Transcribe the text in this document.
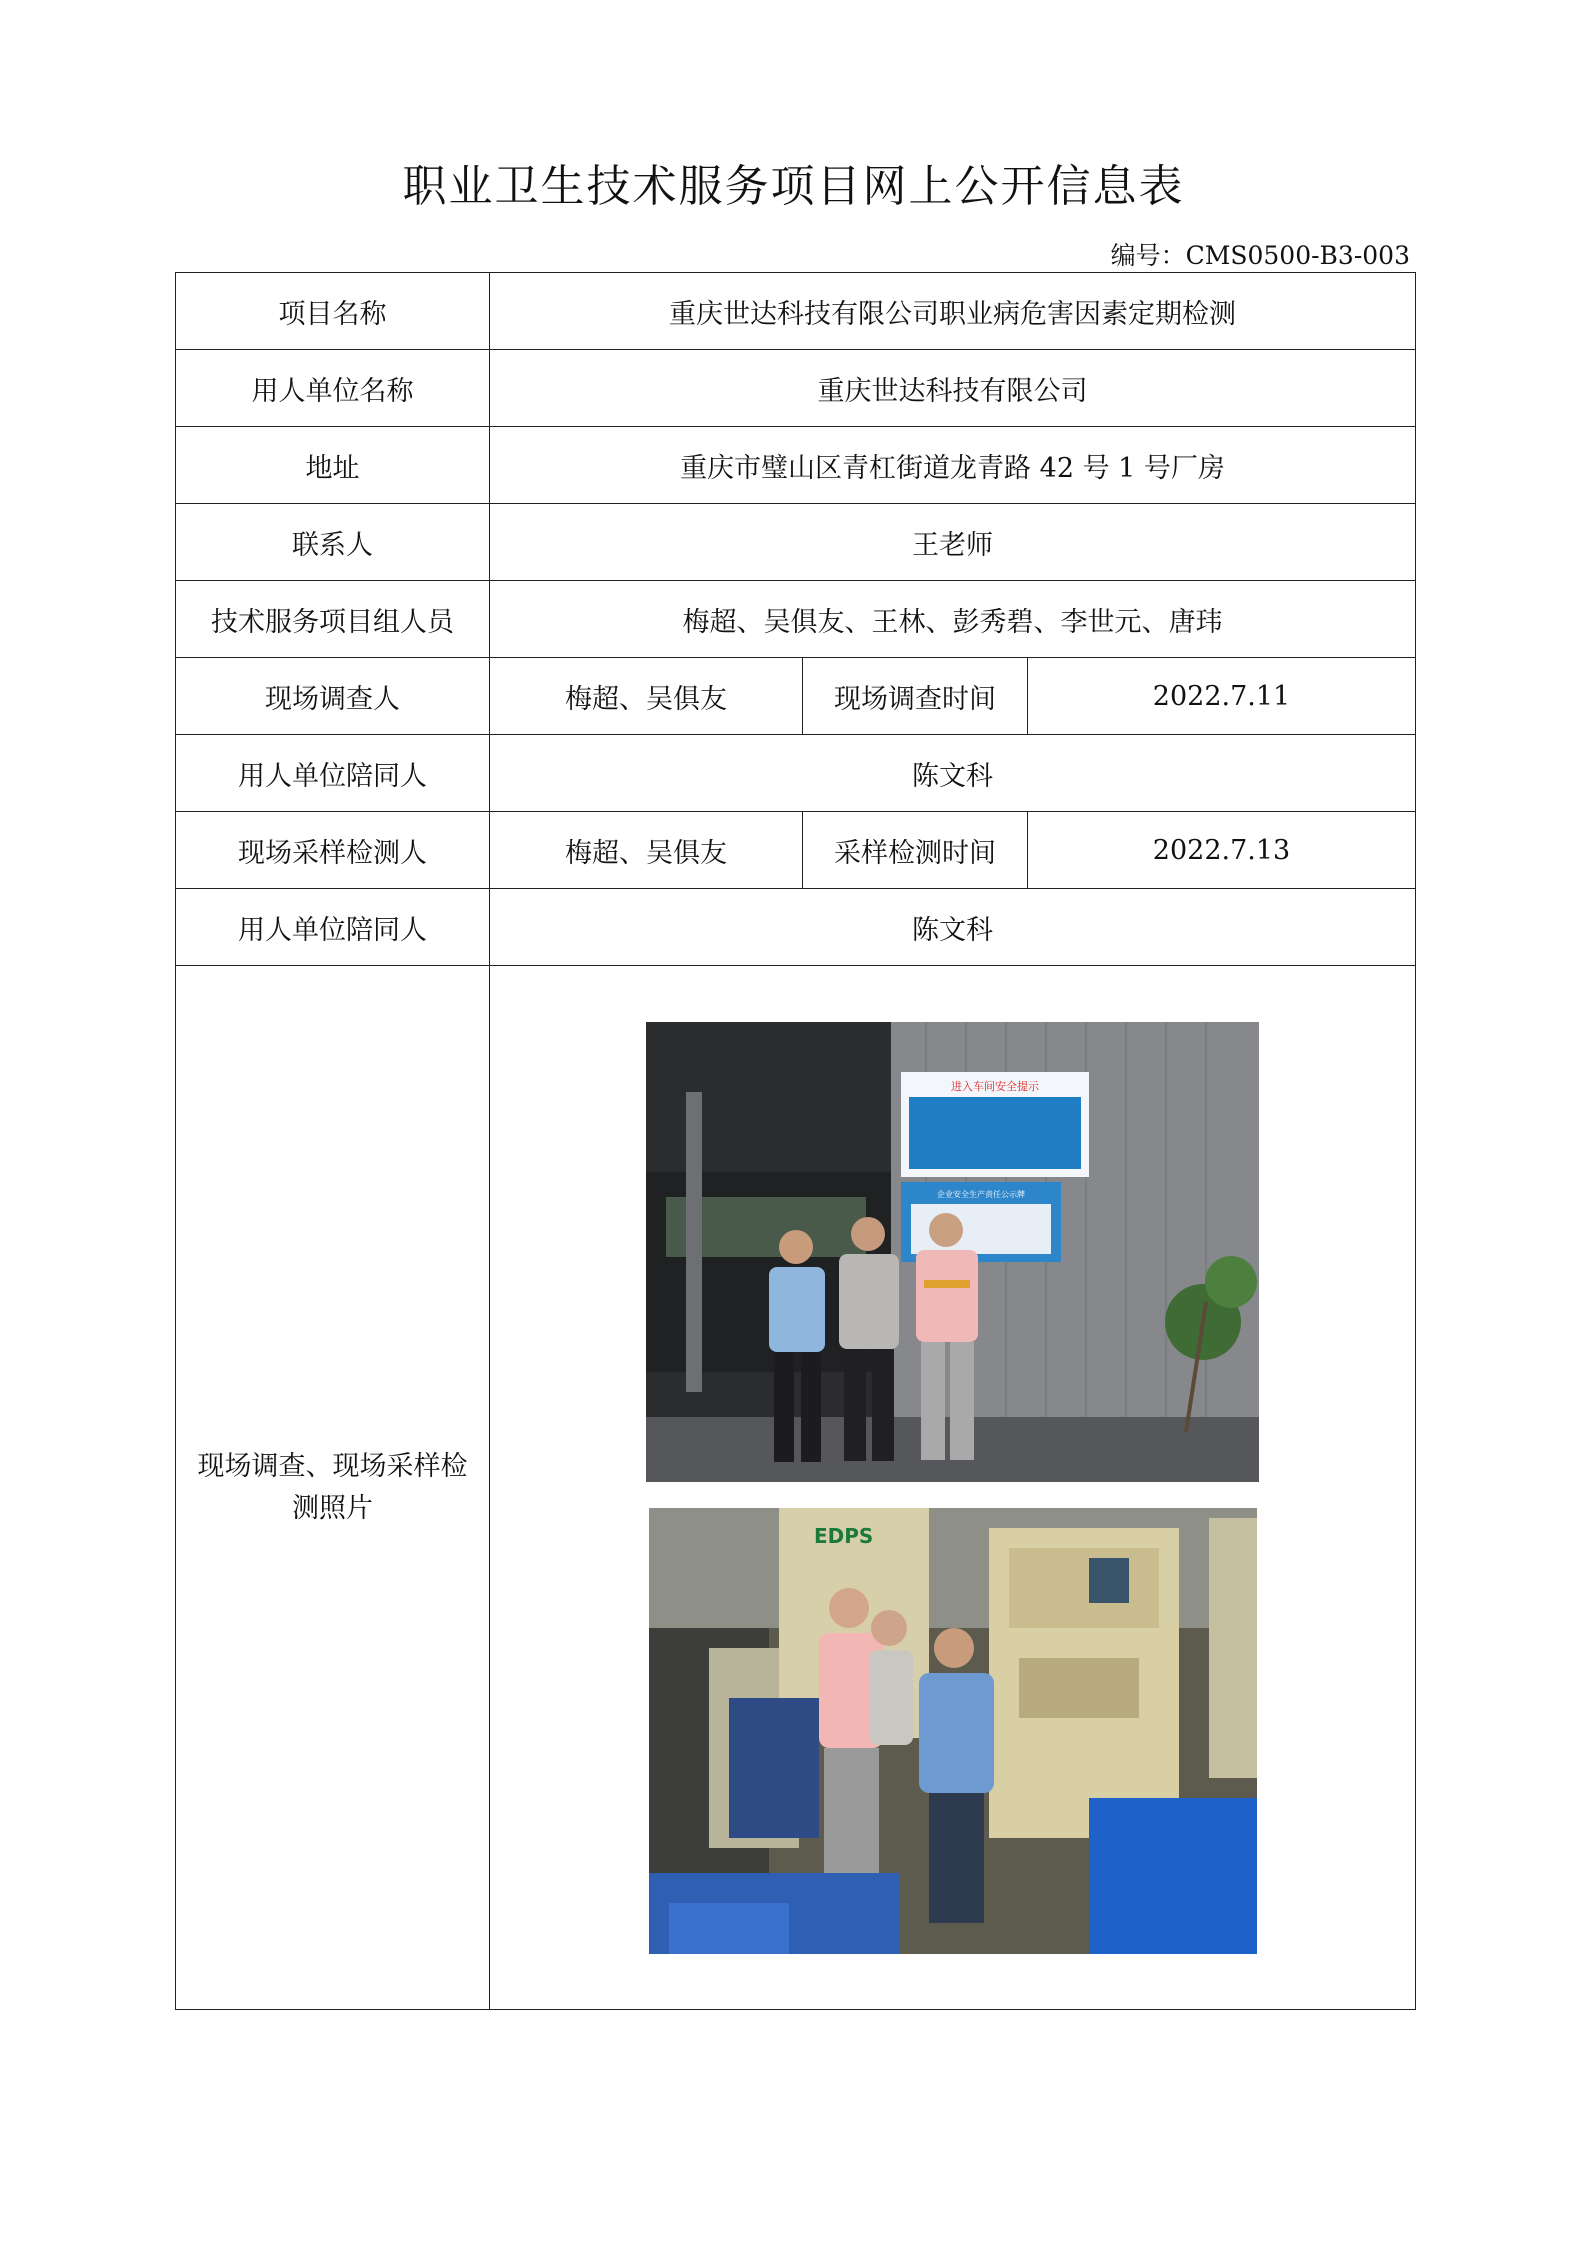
职业卫生技术服务项目网上公开信息表
编号：CMS0500-B3-003
项目名称	重庆世达科技有限公司职业病危害因素定期检测		
用人单位名称	重庆世达科技有限公司		
地址	重庆市璧山区青杠街道龙青路 42 号 1 号厂房		
联系人	王老师		
技术服务项目组人员	梅超、吴俱友、王林、彭秀碧、李世元、唐玮		
现场调查人	梅超、吴俱友	现场调查时间	2022.7.11
用人单位陪同人	陈文科		
现场采样检测人	梅超、吴俱友	采样检测时间	2022.7.13
用人单位陪同人	陈文科		
现场调查、现场采样检测照片	进入车间安全提示
企业安全生产责任公示牌
EDPS		
